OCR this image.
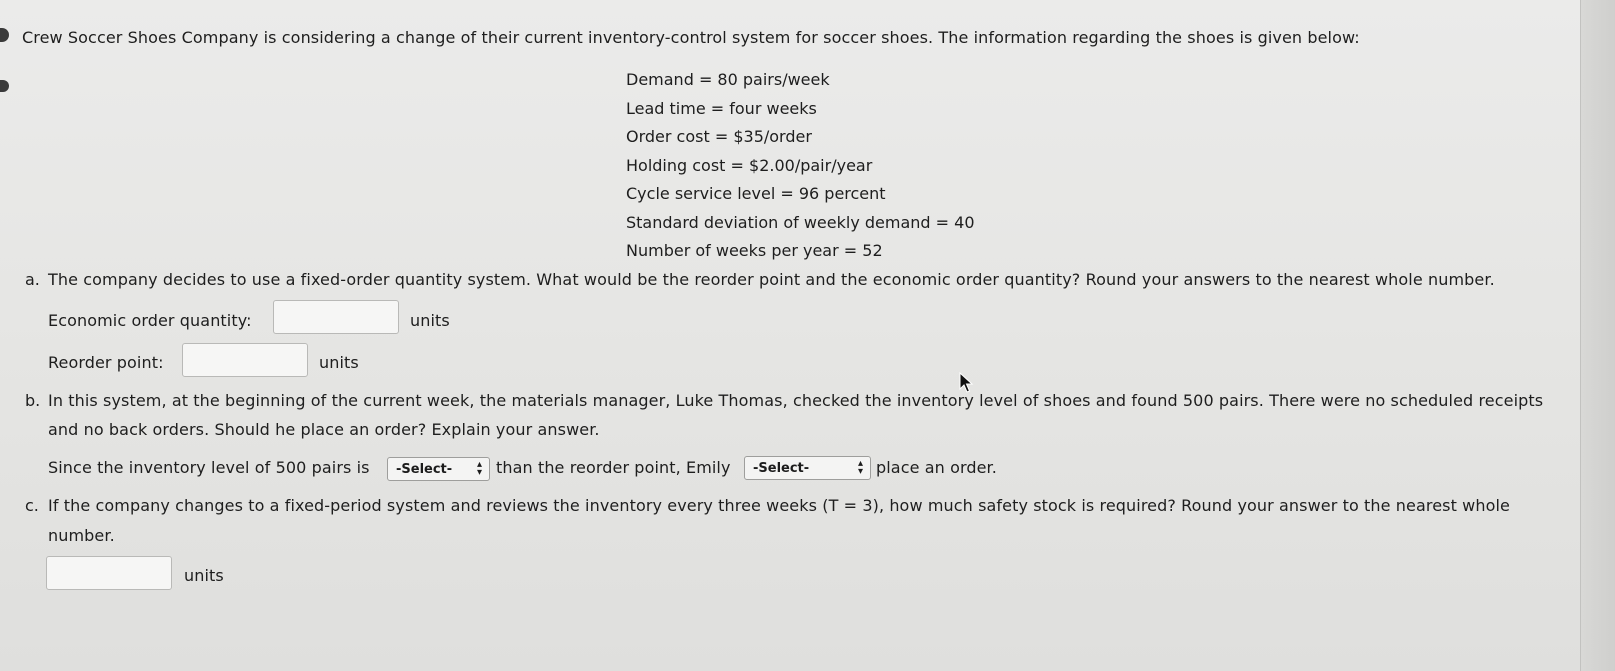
Crew Soccer Shoes Company is considering a change of their current inventory-control system for soccer shoes. The information regarding the shoes is given below:
Demand = 80 pairs/week
Lead time = four weeks
Order cost = $35/order
Holding cost = $2.00/pair/year
Cycle service level = 96 percent
Standard deviation of weekly demand = 40
Number of weeks per year = 52
a. The company decides to use a fixed-order quantity system. What would be the reorder point and the economic order quantity? Round your answers to the nearest whole number.
Economic order quantity:	units
Reorder point:	units
b. In this system, at the beginning of the current week, the materials manager, Luke Thomas, checked the inventory level of shoes and found 500 pairs. There were no scheduled receipts
and no back orders. Should he place an order? Explain your answer.
Since the inventory level of 500 pairs is -Select- ▴
▾ than the reorder point, Emily -Select-	▴
▾ place an order.
c. If the company changes to a fixed-period system and reviews the inventory every three weeks (T = 3), how much safety stock is required? Round your answer to the nearest whole
number.
units
